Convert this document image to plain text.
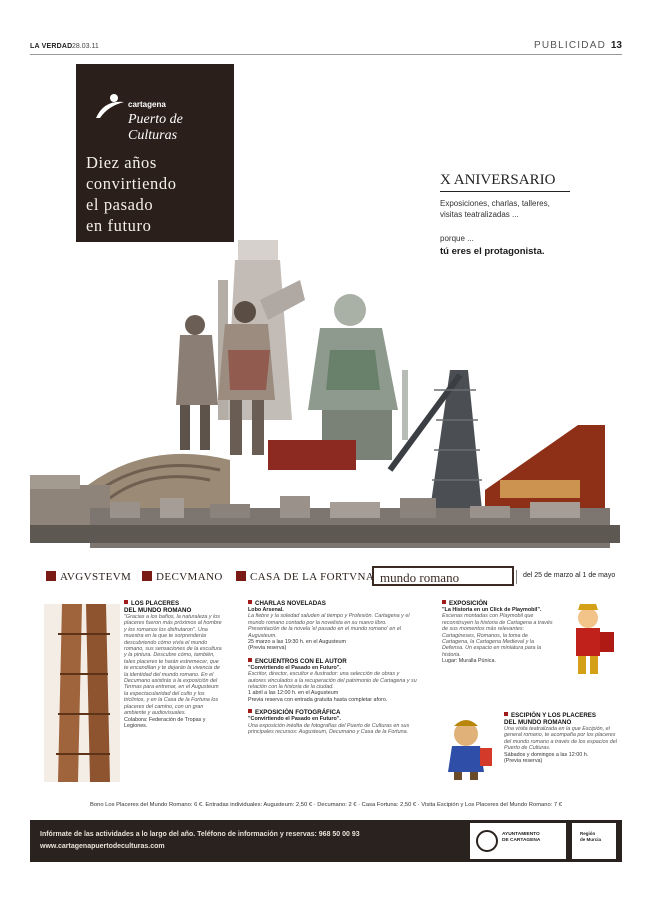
LA VERDAD 28.03.11	PUBLICIDAD 13
cartagena
Puerto de Culturas
Diez años
convirtiendo
el pasado
en futuro
X ANIVERSARIO
Exposiciones, charlas, talleres,
visitas teatralizadas ...
porque ...
tú eres el protagonista.
AVGVSTEVM	DECVMANO	CASA DE LA FORTVNA mundo romano	del 25 de marzo al 1 de mayo
LOS PLACERES
DEL MUNDO ROMANO
"Gracias a los baños, la naturaleza y los placeres fueron más próximos al hombre y los romanos los disfrutaron". Una muestra en la que te sorprenderás descubriendo cómo vivía el mundo romano, sus sensaciones de la escultura y la pintura. Descubre cómo, también, tales placeres te harán estremecer, que te encandilan y te dejarán la vivencia de la identidad del mundo romano. En el Decumano asistirás a la exposición del Termas para entrenar, en el Augusteum la espectacularidad del culto y los triclinios, y en la Casa de la Fortuna los placeres del camino, con un gran ambiente y audiovisuales.
Colabora: Federación de Tropas y Legiones.
CHARLAS NOVELADAS
Lobo Arsenal.
La fiebre y la soledad saluden al tiempo y Profesión. Cartagena y el mundo romano contado por la novelista en su nuevo libro. Presentación de la novela 'el pasado en el mundo romano' en el Augusteum.
25 marzo a las 19:30 h. en el Augusteum
(Previa reserva)
ENCUENTROS CON EL AUTOR
"Convirtiendo el Pasado en Futuro".
Escritor, director, escultor e ilustrador: una selección de obras y autores vinculados a la recuperación del patrimonio de Cartagena y su relación con la historia de la ciudad.
1 abril a las 12:00 h. en el Augusteum
Previa reserva con entrada gratuita hasta completar aforo.
EXPOSICIÓN FOTOGRÁFICA
"Convirtiendo el Pasado en Futuro".
Una exposición inédita de fotografías del Puerto de Culturas en sus principales recursos: Augusteum, Decumano y Casa de la Fortuna.
EXPOSICIÓN
"La Historia en un Click de Playmobil".
Escenas montadas con Playmobil que reconstruyen la historia de Cartagena a través de sus momentos más relevantes: Cartagineses, Romanos, la toma de Cartagena, la Cartagena Medieval y la Defensa. Un espacio en miniatura para la historia.
Lugar: Muralla Púnica.
ESCIPIÓN Y LOS PLACERES
DEL MUNDO ROMANO
Una visita teatralizada en la que Escipión, el general romano, te acompaña por los placeres del mundo romano a través de los espacios del Puerto de Culturas.
Sábados y domingos a las 12:00 h.
(Previa reserva)
Bono Los Placeres del Mundo Romano: 6 €. Entradas individuales: Augusteum: 2,50 € · Decumano: 2 € · Casa Fortuna: 2,50 € · Visita Escipión y Los Placeres del Mundo Romano: 7 €
Infórmate de las actividades a lo largo del año. Teléfono de información y reservas: 968 50 00 93
www.cartagenapuertodeculturas.com
AYUNTAMIENTO
DE CARTAGENA
Región
de Murcia
